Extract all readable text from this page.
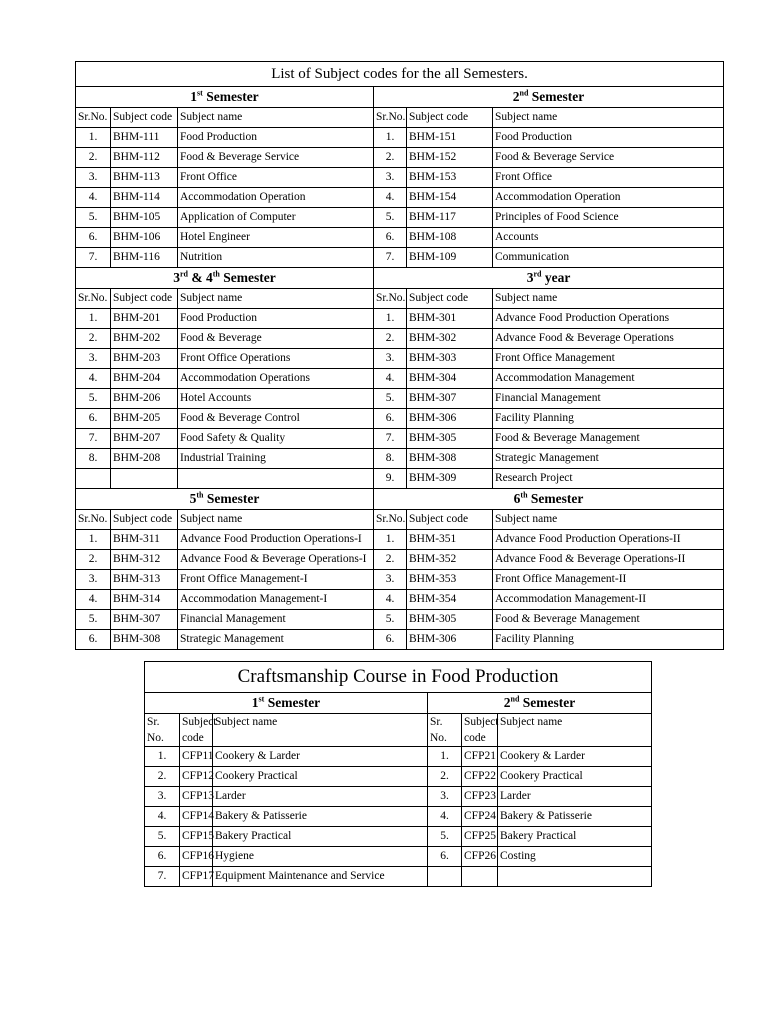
List of Subject codes for the all Semesters.					
1st Semester			2nd Semester		
Sr.No.	Subject code	Subject name	Sr.No.	Subject code	Subject name
1.	BHM-111	Food Production	1.	BHM-151	Food Production
2.	BHM-112	Food & Beverage Service	2.	BHM-152	Food & Beverage Service
3.	BHM-113	Front Office	3.	BHM-153	Front Office
4.	BHM-114	Accommodation Operation	4.	BHM-154	Accommodation Operation
5.	BHM-105	Application of Computer	5.	BHM-117	Principles of Food Science
6.	BHM-106	Hotel Engineer	6.	BHM-108	Accounts
7.	BHM-116	Nutrition	7.	BHM-109	Communication
3rd & 4th Semester			3rd year		
Sr.No.	Subject code	Subject name	Sr.No.	Subject code	Subject name
1.	BHM-201	Food Production	1.	BHM-301	Advance Food Production Operations
2.	BHM-202	Food & Beverage	2.	BHM-302	Advance Food & Beverage Operations
3.	BHM-203	Front Office Operations	3.	BHM-303	Front Office Management
4.	BHM-204	Accommodation Operations	4.	BHM-304	Accommodation Management
5.	BHM-206	Hotel Accounts	5.	BHM-307	Financial Management
6.	BHM-205	Food & Beverage Control	6.	BHM-306	Facility Planning
7.	BHM-207	Food Safety & Quality	7.	BHM-305	Food & Beverage Management
8.	BHM-208	Industrial Training	8.	BHM-308	Strategic Management
			9.	BHM-309	Research Project
5th Semester			6th Semester		
Sr.No.	Subject code	Subject name	Sr.No.	Subject code	Subject name
1.	BHM-311	Advance Food Production Operations-I	1.	BHM-351	Advance Food Production Operations-II
2.	BHM-312	Advance Food & Beverage Operations-I	2.	BHM-352	Advance Food & Beverage Operations-II
3.	BHM-313	Front Office Management-I	3.	BHM-353	Front Office Management-II
4.	BHM-314	Accommodation Management-I	4.	BHM-354	Accommodation Management-II
5.	BHM-307	Financial Management	5.	BHM-305	Food & Beverage Management
6.	BHM-308	Strategic Management	6.	BHM-306	Facility Planning
Craftsmanship Course in Food Production					
1st Semester			2nd Semester		
Sr. No.	Subject code	Subject name	Sr. No.	Subject code	Subject name
1.	CFP11	Cookery & Larder	1.	CFP21	Cookery & Larder
2.	CFP12	Cookery Practical	2.	CFP22	Cookery Practical
3.	CFP13	Larder	3.	CFP23	Larder
4.	CFP14	Bakery & Patisserie	4.	CFP24	Bakery & Patisserie
5.	CFP15	Bakery Practical	5.	CFP25	Bakery Practical
6.	CFP16	Hygiene	6.	CFP26	Costing
7.	CFP17	Equipment Maintenance and Service			
